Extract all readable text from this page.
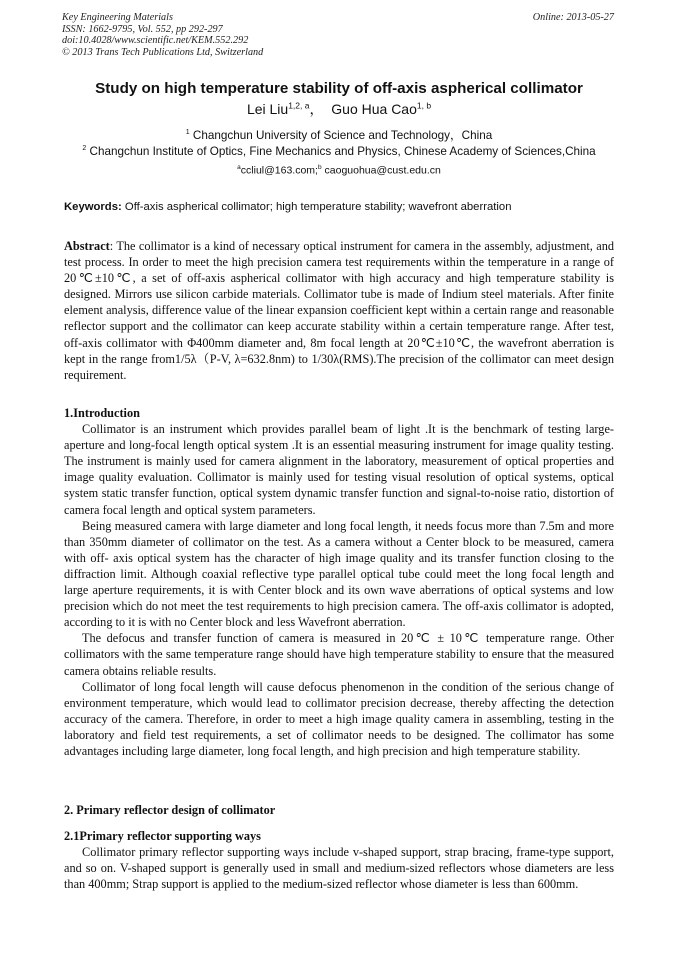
Key Engineering Materials
ISSN: 1662-9795, Vol. 552, pp 292-297
doi:10.4028/www.scientific.net/KEM.552.292
© 2013 Trans Tech Publications Ltd, Switzerland
Online: 2013-05-27
Study on high temperature stability of off-axis aspherical collimator
Lei Liu$^{1,2, a}$， Guo Hua Cao$^{1, b}$
$^1$ Changchun University of Science and Technology，China
$^2$ Changchun Institute of Optics, Fine Mechanics and Physics, Chinese Academy of Sciences,China
$^a$ccliul@163.com;$^b$ caoguohua@cust.edu.cn
Keywords: Off-axis aspherical collimator; high temperature stability; wavefront aberration

Abstract: The collimator is a kind of necessary optical instrument for camera in the assembly, adjustment, and test process. In order to meet the high precision camera test requirements within the temperature in a range of 20℃±10℃, a set of off-axis aspherical collimator with high accuracy and high temperature stability is designed. Mirrors use silicon carbide materials. Collimator tube is made of Indium steel materials. After finite element analysis, difference value of the linear expansion coefficient kept within a certain range and reasonable reflector support and the collimator can keep accurate stability within a certain temperature range. After test, off-axis collimator with Φ400mm diameter and, 8m focal length at 20℃±10℃, the wavefront aberration is kept in the range from1/5λ（P-V, λ=632.8nm) to 1/30λ(RMS).The precision of the collimator can meet design requirement.

1.Introduction

Collimator is an instrument which provides parallel beam of light .It is the benchmark of testing large-aperture and long-focal length optical system .It is an essential measuring instrument for image quality testing. The instrument is mainly used for camera alignment in the laboratory, measurement of optical properties and image quality evaluation. Collimator is mainly used for testing visual resolution of optical systems, optical system static transfer function, optical system dynamic transfer function and signal-to-noise ratio, distortion of camera focal length and optical system parameters.

Being measured camera with large diameter and long focal length, it needs focus more than 7.5m and more than 350mm diameter of collimator on the test. As a camera without a Center block to be measured, camera with off- axis optical system has the character of high image quality and its transfer function closing to the diffraction limit. Although coaxial reflective type parallel optical tube could meet the long focal length and large aperture requirements, it is with Center block and its own wave aberrations of optical systems and low precision which do not meet the test requirements to high precision camera. The off-axis collimator is adopted, according to it is with no Center block and less Wavefront aberration.

The defocus and transfer function of camera is measured in 20℃ ± 10℃ temperature range. Other collimators with the same temperature range should have high temperature stability to ensure that the measured camera obtains reliable results.

Collimator of long focal length will cause defocus phenomenon in the condition of the serious change of environment temperature, which would lead to collimator precision decrease, thereby affecting the detection accuracy of the camera. Therefore, in order to meet a high image quality camera in assembling, testing in the laboratory and field test requirements, a set of collimator needs to be designed. The collimator has some advantages including large diameter, long focal length, and high precision and high temperature stability.

2. Primary reflector design of collimator

2.1Primary reflector supporting ways

Collimator primary reflector supporting ways include v-shaped support, strap bracing, frame-type support, and so on. V-shaped support is generally used in small and medium-sized reflectors whose diameters are less than 400mm; Strap support is applied to the medium-sized reflector whose diameter is less than 600mm.
